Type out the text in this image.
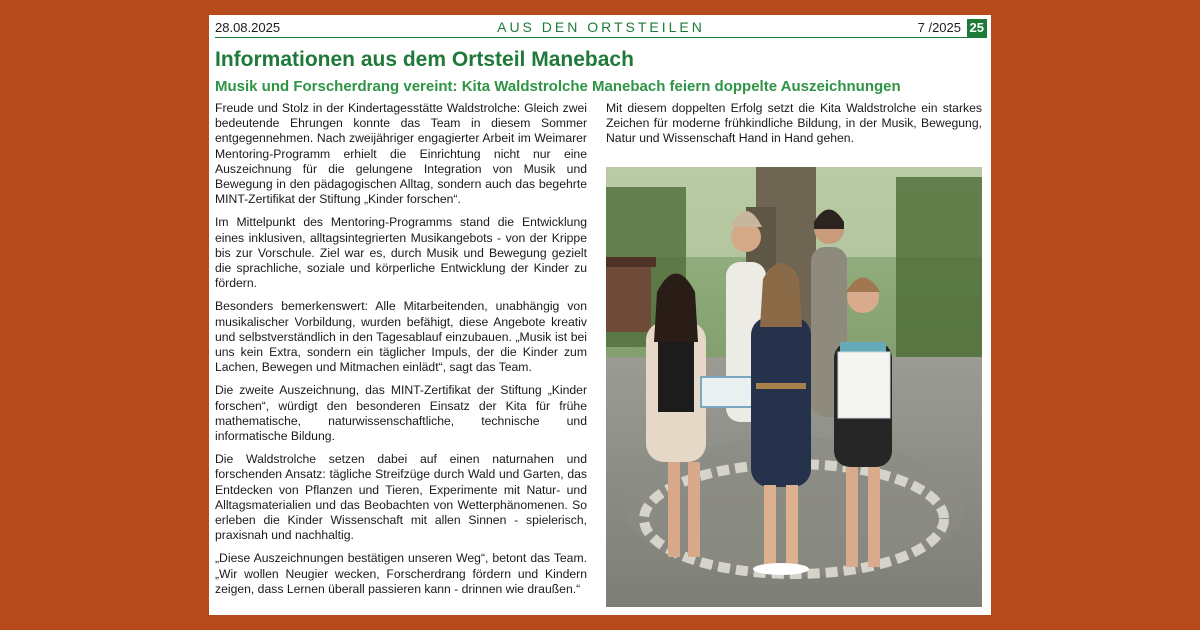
28.08.2025	AUS DEN ORTSTEILEN	7 /2025 25
Informationen aus dem Ortsteil Manebach
Musik und Forscherdrang vereint: Kita Waldstrolche Manebach feiern doppelte Auszeichnungen

Freude und Stolz in der Kindertagesstätte Waldstrolche: Gleich zwei bedeutende Ehrungen konnte das Team in diesem Sommer entgegennehmen. Nach zweijähriger engagierter Arbeit im Weimarer Mentoring-Programm erhielt die Einrichtung nicht nur eine Auszeichnung für die gelungene Integration von Musik und Bewegung in den pädagogischen Alltag, sondern auch das begehrte MINT-Zertifikat der Stiftung „Kinder forschen“.

Im Mittelpunkt des Mentoring-Programms stand die Entwicklung eines inklusiven, alltagsintegrierten Musikangebots - von der Krippe bis zur Vorschule. Ziel war es, durch Musik und Bewegung gezielt die sprachliche, soziale und körperliche Entwicklung der Kinder zu fördern.

Besonders bemerkenswert: Alle Mitarbeitenden, unabhängig von musikalischer Vorbildung, wurden befähigt, diese Angebote kreativ und selbstverständlich in den Tagesablauf einzubauen. „Musik ist bei uns kein Extra, sondern ein täglicher Impuls, der die Kinder zum Lachen, Bewegen und Mitmachen einlädt“, sagt das Team.

Die zweite Auszeichnung, das MINT-Zertifikat der Stiftung „Kinder forschen“, würdigt den besonderen Einsatz der Kita für frühe mathematische, naturwissenschaftliche, technische und informatische Bildung.

Die Waldstrolche setzen dabei auf einen naturnahen und forschenden Ansatz: tägliche Streifzüge durch Wald und Garten, das Entdecken von Pflanzen und Tieren, Experimente mit Natur- und Alltagsmaterialien und das Beobachten von Wetterphänomenen. So erleben die Kinder Wissenschaft mit allen Sinnen - spielerisch, praxisnah und nachhaltig.

„Diese Auszeichnungen bestätigen unseren Weg“, betont das Team. „Wir wollen Neugier wecken, Forscherdrang fördern und Kindern zeigen, dass Lernen überall passieren kann - drinnen wie draußen.“

Mit diesem doppelten Erfolg setzt die Kita Waldstrolche ein starkes Zeichen für moderne frühkindliche Bildung, in der Musik, Bewegung, Natur und Wissenschaft Hand in Hand gehen.
